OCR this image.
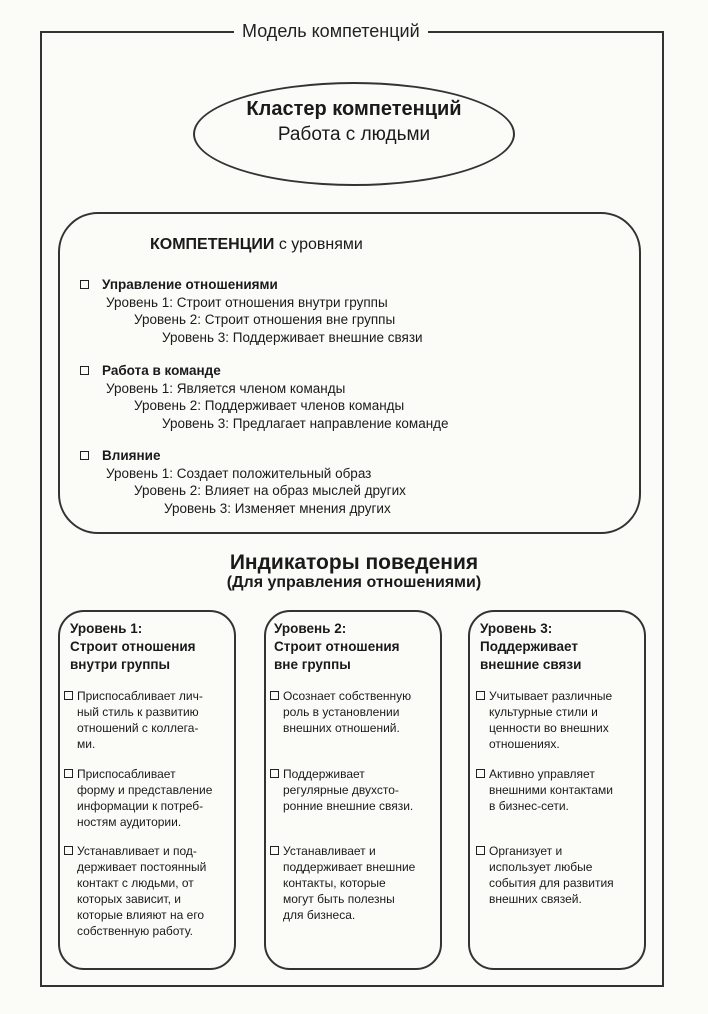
Модель компетенций
Кластер компетенций
Работа с людьми
КОМПЕТЕНЦИИ с уровнями
Управление отношениями
Уровень 1: Строит отношения внутри группы
Уровень 2: Строит отношения вне группы
Уровень 3: Поддерживает внешние связи
Работа в команде
Уровень 1: Является членом команды
Уровень 2: Поддерживает членов команды
Уровень 3: Предлагает направление команде
Влияние
Уровень 1: Создает положительный образ
Уровень 2: Влияет на образ мыслей других
Уровень 3: Изменяет мнения других
Индикаторы поведения
(Для управления отношениями)
Уровень 1:
Строит отношения
внутри группы
Приспосабливает лич-
ный стиль к развитию
отношений с коллега-
ми.
Приспосабливает
форму и представление
информации к потреб-
ностям аудитории.
Устанавливает и под-
держивает постоянный
контакт с людьми, от
которых зависит, и
которые влияют на его
собственную работу.
Уровень 2:
Строит отношения
вне группы
Осознает собственную
роль в установлении
внешних отношений.
Поддерживает
регулярные двухсто-
ронние внешние связи.
Устанавливает и
поддерживает внешние
контакты, которые
могут быть полезны
для бизнеса.
Уровень 3:
Поддерживает
внешние связи
Учитывает различные
культурные стили и
ценности во внешних
отношениях.
Активно управляет
внешними контактами
в бизнес-сети.
Организует и
использует любые
события для развития
внешних связей.
